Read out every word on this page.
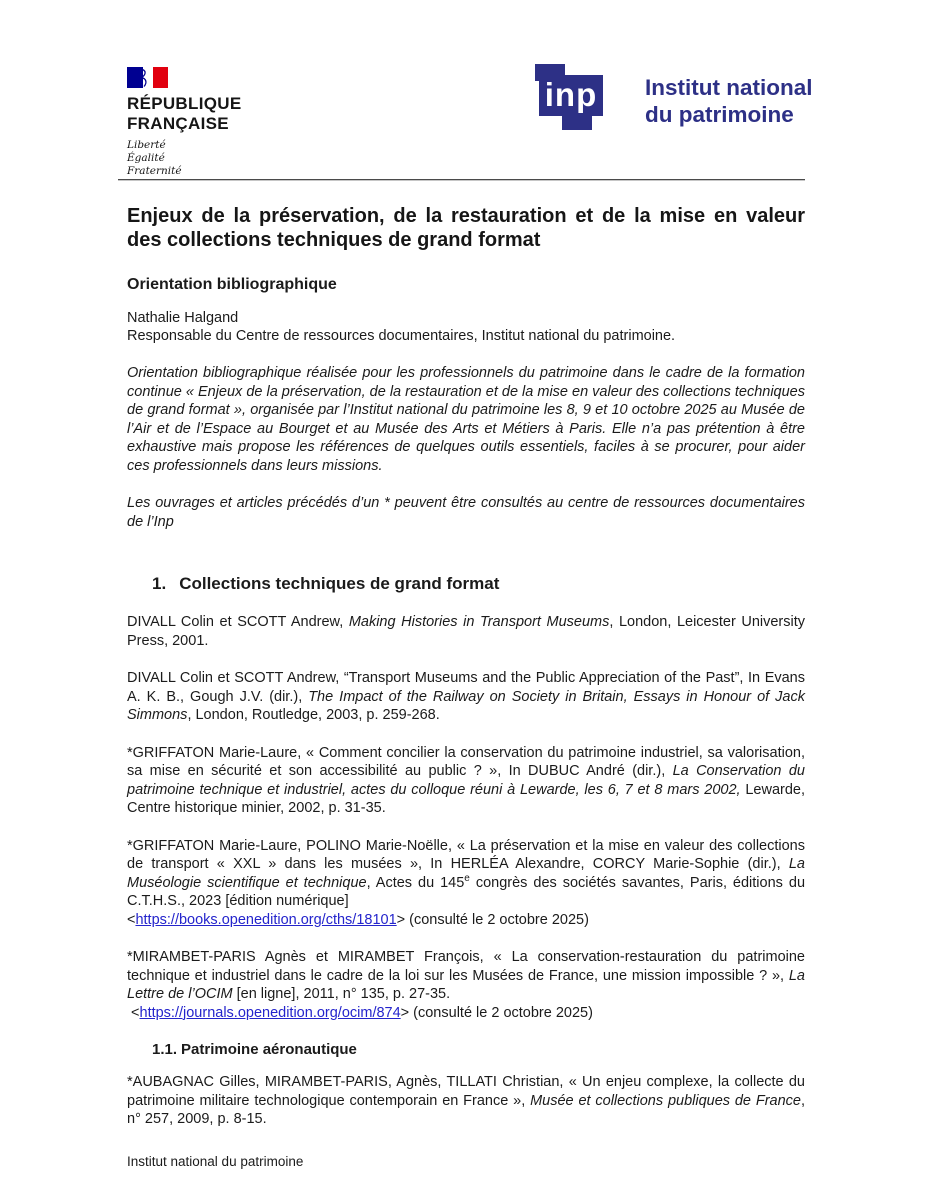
RÉPUBLIQUE
FRANÇAISE
Liberté
Égalité
Fraternité
inp Institut national
du patrimoine
Enjeux de la préservation, de la restauration et de la mise en valeur des collections techniques de grand format
Orientation bibliographique
Nathalie Halgand
Responsable du Centre de ressources documentaires, Institut national du patrimoine.

Orientation bibliographique réalisée pour les professionnels du patrimoine dans le cadre de la formation continue « Enjeux de la préservation, de la restauration et de la mise en valeur des collections techniques de grand format », organisée par l’Institut national du patrimoine les 8, 9 et 10 octobre 2025 au Musée de l’Air et de l’Espace au Bourget et au Musée des Arts et Métiers à Paris. Elle n’a pas prétention à être exhaustive mais propose les références de quelques outils essentiels, faciles à se procurer, pour aider ces professionnels dans leurs missions.

Les ouvrages et articles précédés d’un * peuvent être consultés au centre de ressources documentaires de l’Inp

1. Collections techniques de grand format

DIVALL Colin et SCOTT Andrew, Making Histories in Transport Museums, London, Leicester University Press, 2001.

DIVALL Colin et SCOTT Andrew, “Transport Museums and the Public Appreciation of the Past”, In Evans A. K. B., Gough J.V. (dir.), The Impact of the Railway on Society in Britain, Essays in Honour of Jack Simmons, London, Routledge, 2003, p. 259-268.

*GRIFFATON Marie-Laure, « Comment concilier la conservation du patrimoine industriel, sa valorisation, sa mise en sécurité et son accessibilité au public ? », In DUBUC André (dir.), La Conservation du patrimoine technique et industriel, actes du colloque réuni à Lewarde, les 6, 7 et 8 mars 2002, Lewarde, Centre historique minier, 2002, p. 31-35.

*GRIFFATON Marie-Laure, POLINO Marie-Noëlle, « La préservation et la mise en valeur des collections de transport « XXL » dans les musées », In HERLÉA Alexandre, CORCY Marie-Sophie (dir.), La Muséologie scientifique et technique, Actes du 145e congrès des sociétés savantes, Paris, éditions du C.T.H.S., 2023 [édition numérique]
<https://books.openedition.org/cths/18101> (consulté le 2 octobre 2025)

*MIRAMBET-PARIS Agnès et MIRAMBET François, « La conservation-restauration du patrimoine technique et industriel dans le cadre de la loi sur les Musées de France, une mission impossible ? », La Lettre de l’OCIM [en ligne], 2011, n° 135, p. 27-35.
<https://journals.openedition.org/ocim/874> (consulté le 2 octobre 2025)

1.1. Patrimoine aéronautique

*AUBAGNAC Gilles, MIRAMBET-PARIS, Agnès, TILLATI Christian, « Un enjeu complexe, la collecte du patrimoine militaire technologique contemporain en France », Musée et collections publiques de France, n° 257, 2009, p. 8-15.

Institut national du patrimoine
